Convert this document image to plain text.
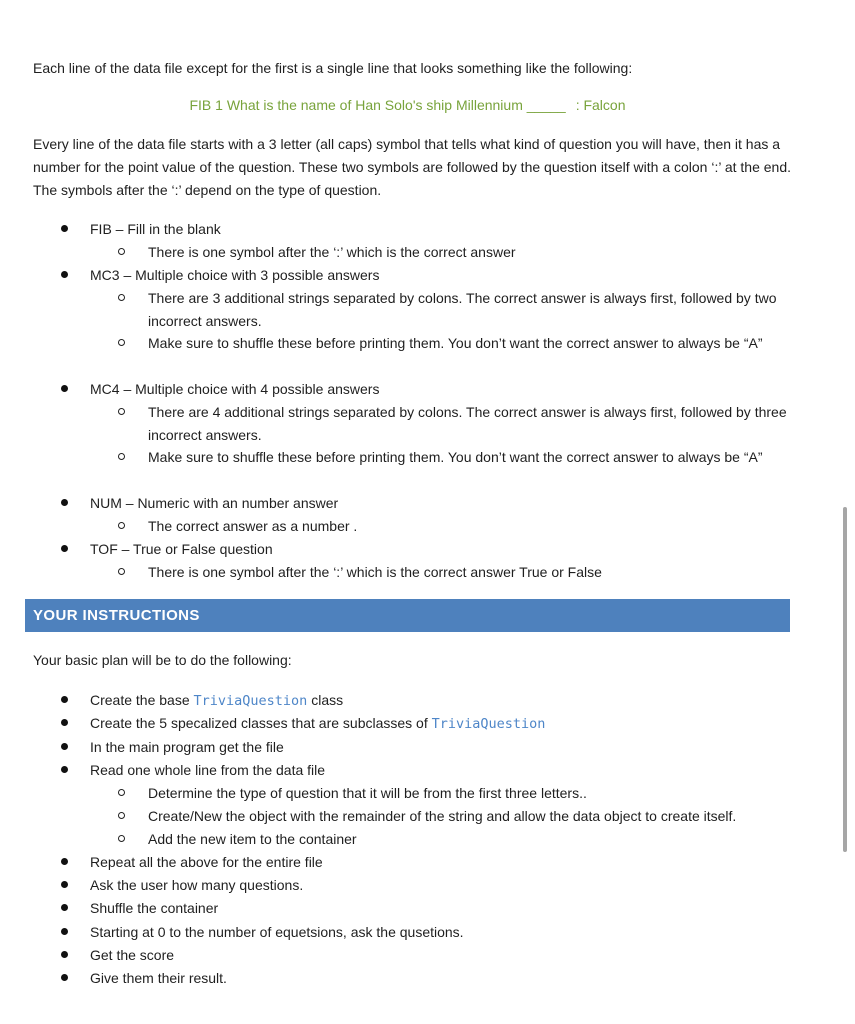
Each line of the data file except for the first is a single line that looks something like the following:

FIB 1 What is the name of Han Solo's ship Millennium _____ : Falcon

Every line of the data file starts with a 3 letter (all caps) symbol that tells what kind of question you will have, then it has a number for the point value of the question. These two symbols are followed by the question itself with a colon ‘:’ at the end. The symbols after the ‘:’ depend on the type of question.

FIB – Fill in the blank
There is one symbol after the ‘:’ which is the correct answer
MC3 – Multiple choice with 3 possible answers
There are 3 additional strings separated by colons. The correct answer is always first, followed by two incorrect answers.
Make sure to shuffle these before printing them. You don’t want the correct answer to always be “A”
MC4 – Multiple choice with 4 possible answers
There are 4 additional strings separated by colons. The correct answer is always first, followed by three incorrect answers.
Make sure to shuffle these before printing them. You don’t want the correct answer to always be “A”
NUM – Numeric with an number answer
The correct answer as a number .
TOF – True or False question
There is one symbol after the ‘:’ which is the correct answer True or False
YOUR INSTRUCTIONS

Your basic plan will be to do the following:

Create the base TriviaQuestion class
Create the 5 specalized classes that are subclasses of TriviaQuestion
In the main program get the file
Read one whole line from the data file
Determine the type of question that it will be from the first three letters..
Create/New the object with the remainder of the string and allow the data object to create itself.
Add the new item to the container
Repeat all the above for the entire file
Ask the user how many questions.
Shuffle the container
Starting at 0 to the number of equetsions, ask the qusetions.
Get the score
Give them their result.
